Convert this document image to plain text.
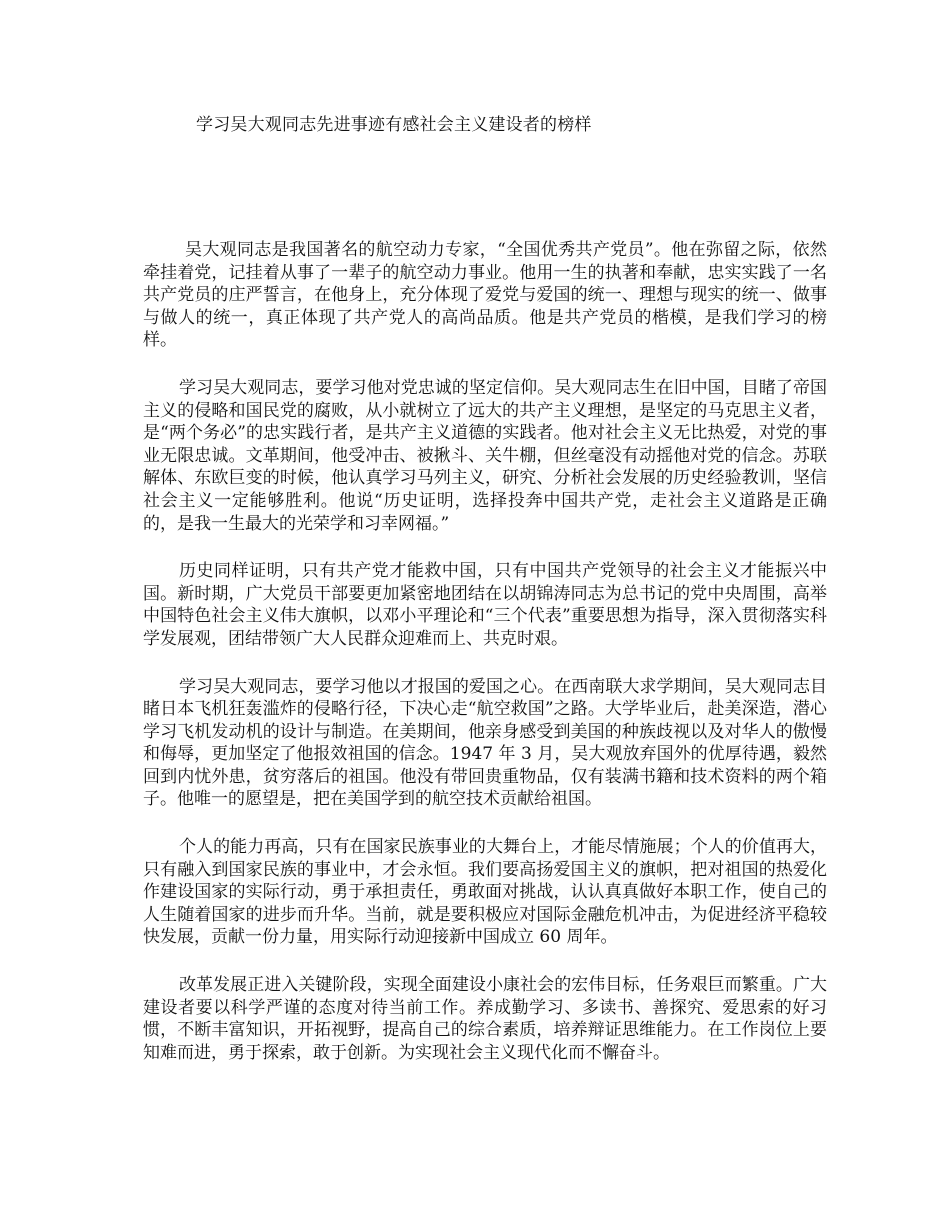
学习吴大观同志先进事迹有感社会主义建设者的榜样

吴大观同志是我国著名的航空动力专家，“全国优秀共产党员”。他在弥留之际，依然牵挂着党，记挂着从事了一辈子的航空动力事业。他用一生的执著和奉献，忠实实践了一名共产党员的庄严誓言，在他身上，充分体现了爱党与爱国的统一、理想与现实的统一、做事与做人的统一，真正体现了共产党人的高尚品质。他是共产党员的楷模，是我们学习的榜样。

学习吴大观同志，要学习他对党忠诚的坚定信仰。吴大观同志生在旧中国，目睹了帝国主义的侵略和国民党的腐败，从小就树立了远大的共产主义理想，是坚定的马克思主义者，是“两个务必”的忠实践行者，是共产主义道德的实践者。他对社会主义无比热爱，对党的事业无限忠诚。文革期间，他受冲击、被揪斗、关牛棚，但丝毫没有动摇他对党的信念。苏联解体、东欧巨变的时候，他认真学习马列主义，研究、分析社会发展的历史经验教训，坚信社会主义一定能够胜利。他说“历史证明，选择投奔中国共产党，走社会主义道路是正确的，是我一生最大的光荣学和习幸网福。”

历史同样证明，只有共产党才能救中国，只有中国共产党领导的社会主义才能振兴中国。新时期，广大党员干部要更加紧密地团结在以胡锦涛同志为总书记的党中央周围，高举中国特色社会主义伟大旗帜，以邓小平理论和“三个代表”重要思想为指导，深入贯彻落实科学发展观，团结带领广大人民群众迎难而上、共克时艰。

学习吴大观同志，要学习他以才报国的爱国之心。在西南联大求学期间，吴大观同志目睹日本飞机狂轰滥炸的侵略行径，下决心走“航空救国”之路。大学毕业后，赴美深造，潜心学习飞机发动机的设计与制造。在美期间，他亲身感受到美国的种族歧视以及对华人的傲慢和侮辱，更加坚定了他报效祖国的信念。1947 年 3 月，吴大观放弃国外的优厚待遇，毅然回到内忧外患，贫穷落后的祖国。他没有带回贵重物品，仅有装满书籍和技术资料的两个箱子。他唯一的愿望是，把在美国学到的航空技术贡献给祖国。

个人的能力再高，只有在国家民族事业的大舞台上，才能尽情施展；个人的价值再大，只有融入到国家民族的事业中，才会永恒。我们要高扬爱国主义的旗帜，把对祖国的热爱化作建设国家的实际行动，勇于承担责任，勇敢面对挑战，认认真真做好本职工作，使自己的人生随着国家的进步而升华。当前，就是要积极应对国际金融危机冲击，为促进经济平稳较快发展，贡献一份力量，用实际行动迎接新中国成立 60 周年。

改革发展正进入关键阶段，实现全面建设小康社会的宏伟目标，任务艰巨而繁重。广大建设者要以科学严谨的态度对待当前工作。养成勤学习、多读书、善探究、爱思索的好习惯，不断丰富知识，开拓视野，提高自己的综合素质，培养辩证思维能力。在工作岗位上要知难而进，勇于探索，敢于创新。为实现社会主义现代化而不懈奋斗。
